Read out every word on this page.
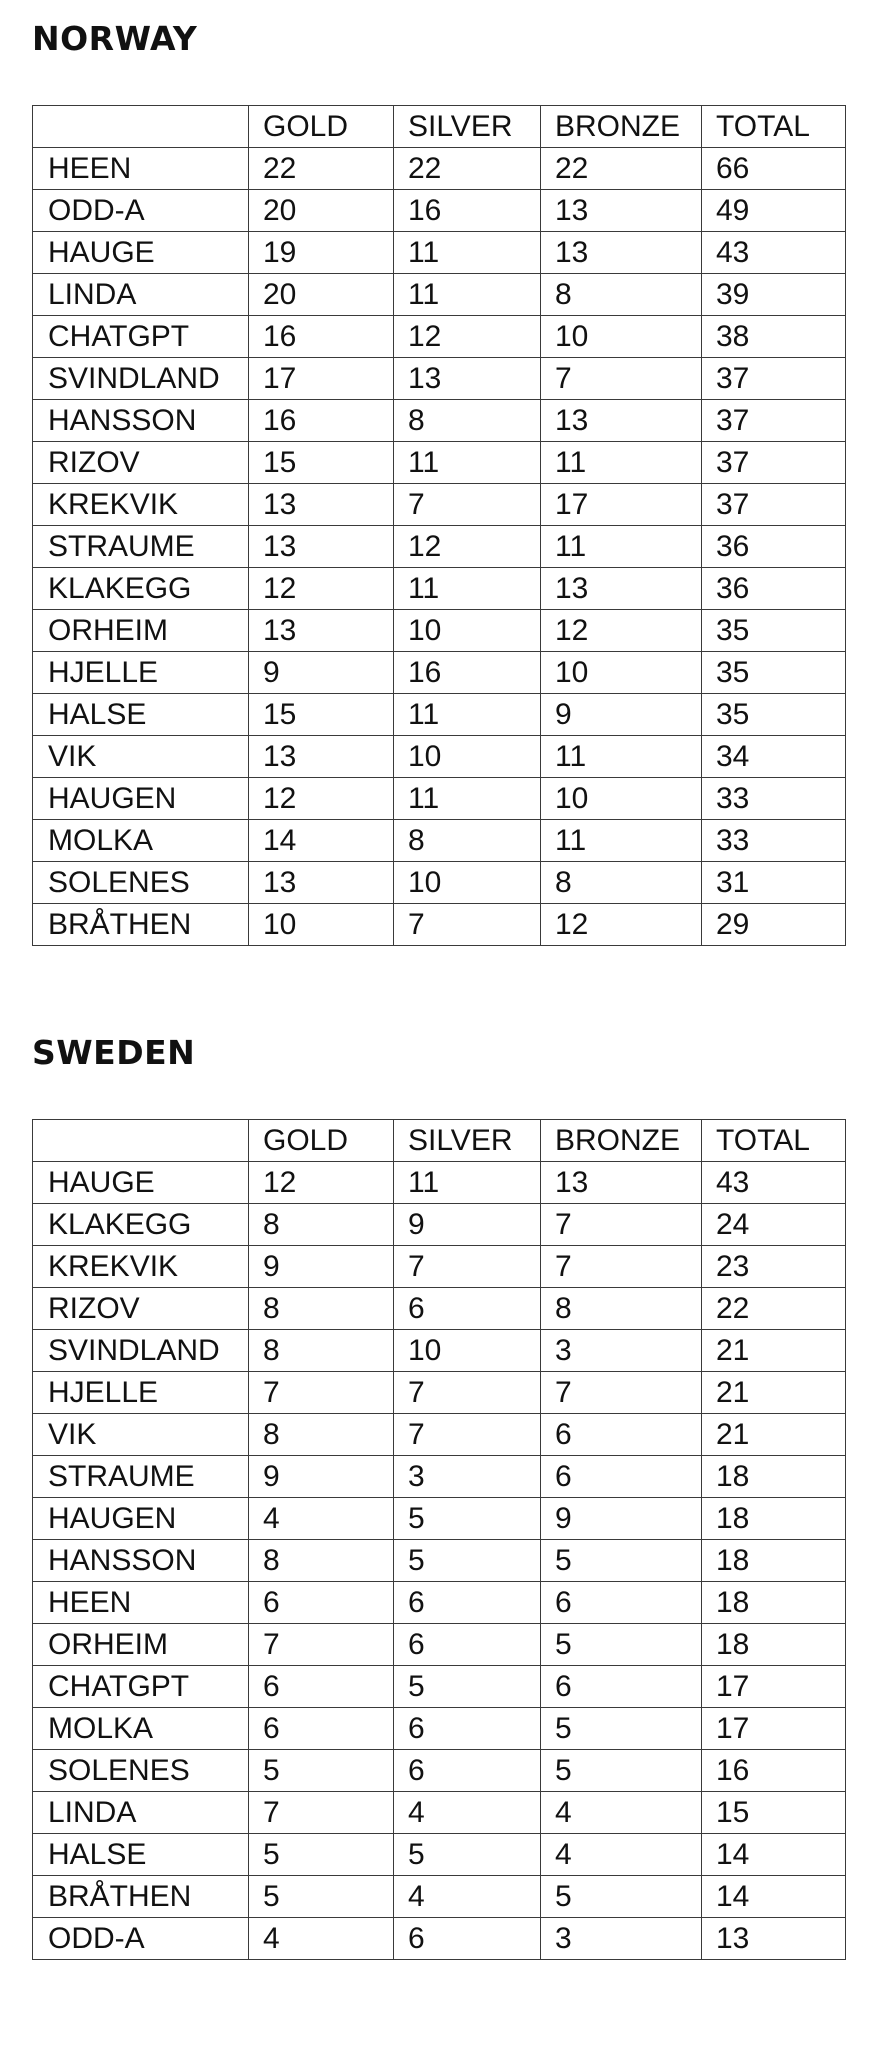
NORWAY
	GOLD	SILVER	BRONZE	TOTAL
HEEN	22	22	22	66
ODD-A	20	16	13	49
HAUGE	19	11	13	43
LINDA	20	11	8	39
CHATGPT	16	12	10	38
SVINDLAND	17	13	7	37
HANSSON	16	8	13	37
RIZOV	15	11	11	37
KREKVIK	13	7	17	37
STRAUME	13	12	11	36
KLAKEGG	12	11	13	36
ORHEIM	13	10	12	35
HJELLE	9	16	10	35
HALSE	15	11	9	35
VIK	13	10	11	34
HAUGEN	12	11	10	33
MOLKA	14	8	11	33
SOLENES	13	10	8	31
BRÅTHEN	10	7	12	29
SWEDEN
	GOLD	SILVER	BRONZE	TOTAL
HAUGE	12	11	13	43
KLAKEGG	8	9	7	24
KREKVIK	9	7	7	23
RIZOV	8	6	8	22
SVINDLAND	8	10	3	21
HJELLE	7	7	7	21
VIK	8	7	6	21
STRAUME	9	3	6	18
HAUGEN	4	5	9	18
HANSSON	8	5	5	18
HEEN	6	6	6	18
ORHEIM	7	6	5	18
CHATGPT	6	5	6	17
MOLKA	6	6	5	17
SOLENES	5	6	5	16
LINDA	7	4	4	15
HALSE	5	5	4	14
BRÅTHEN	5	4	5	14
ODD-A	4	6	3	13
